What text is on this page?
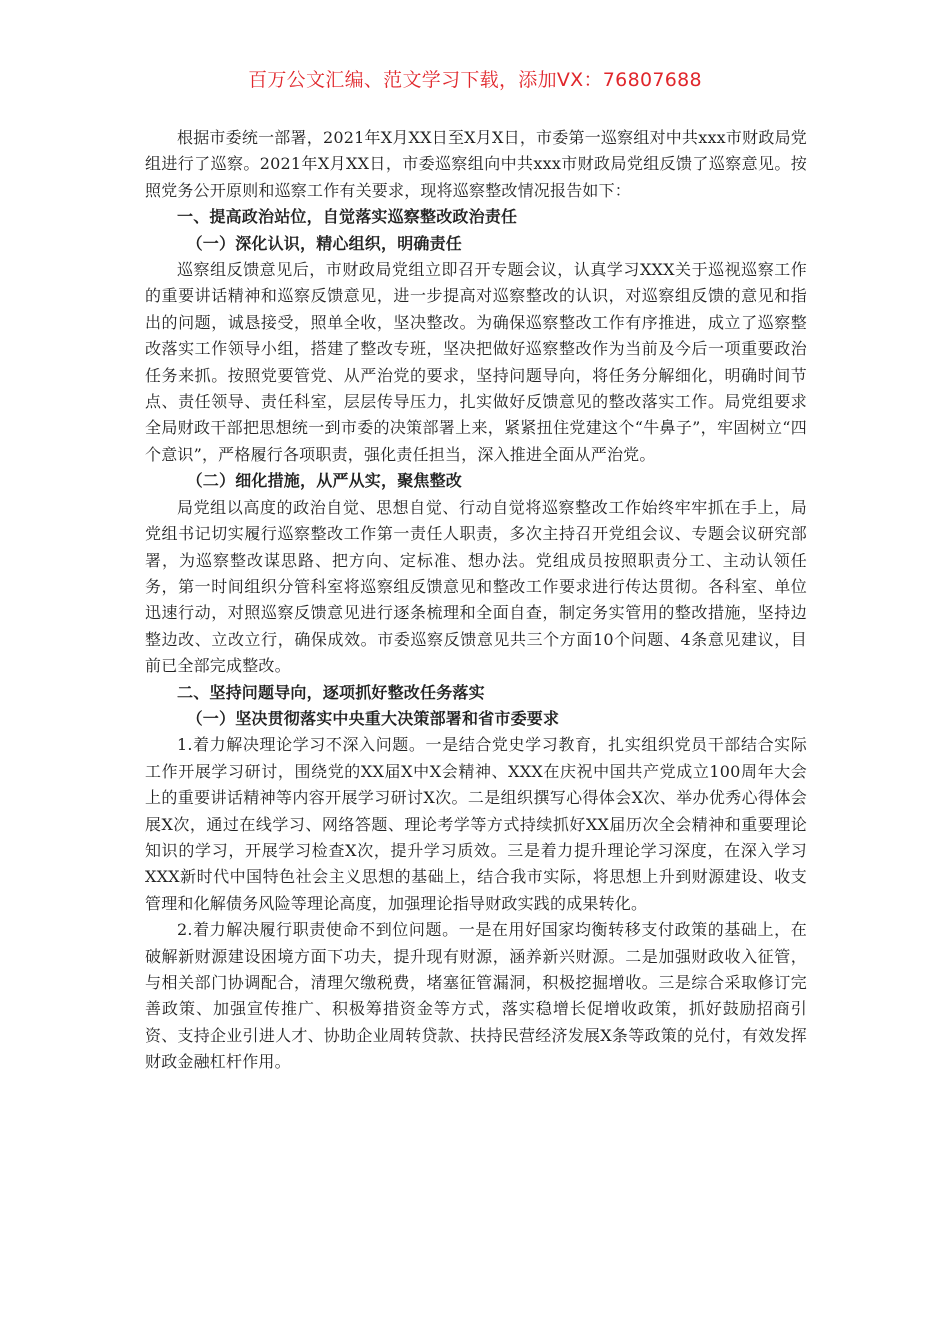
百万公文汇编、范文学习下载，添加VX：76807688

根据市委统一部署，2021年X月XX日至X月X日，市委第一巡察组对中共xxx市财政局党组进行了巡察。2021年X月XX日，市委巡察组向中共xxx市财政局党组反馈了巡察意见。按照党务公开原则和巡察工作有关要求，现将巡察整改情况报告如下：

一、提高政治站位，自觉落实巡察整改政治责任

（一）深化认识，精心组织，明确责任

巡察组反馈意见后，市财政局党组立即召开专题会议，认真学习XXX关于巡视巡察工作的重要讲话精神和巡察反馈意见，进一步提高对巡察整改的认识，对巡察组反馈的意见和指出的问题，诚恳接受，照单全收，坚决整改。为确保巡察整改工作有序推进，成立了巡察整改落实工作领导小组，搭建了整改专班，坚决把做好巡察整改作为当前及今后一项重要政治任务来抓。按照党要管党、从严治党的要求，坚持问题导向，将任务分解细化，明确时间节点、责任领导、责任科室，层层传导压力，扎实做好反馈意见的整改落实工作。局党组要求全局财政干部把思想统一到市委的决策部署上来，紧紧扭住党建这个“牛鼻子”，牢固树立“四个意识”，严格履行各项职责，强化责任担当，深入推进全面从严治党。

（二）细化措施，从严从实，聚焦整改

局党组以高度的政治自觉、思想自觉、行动自觉将巡察整改工作始终牢牢抓在手上，局党组书记切实履行巡察整改工作第一责任人职责，多次主持召开党组会议、专题会议研究部署，为巡察整改谋思路、把方向、定标准、想办法。党组成员按照职责分工、主动认领任务，第一时间组织分管科室将巡察组反馈意见和整改工作要求进行传达贯彻。各科室、单位迅速行动，对照巡察反馈意见进行逐条梳理和全面自查，制定务实管用的整改措施，坚持边整边改、立改立行，确保成效。市委巡察反馈意见共三个方面10个问题、4条意见建议，目前已全部完成整改。

二、坚持问题导向，逐项抓好整改任务落实

（一）坚决贯彻落实中央重大决策部署和省市委要求

1.着力解决理论学习不深入问题。一是结合党史学习教育，扎实组织党员干部结合实际工作开展学习研讨，围绕党的XX届X中X会精神、XXX在庆祝中国共产党成立100周年大会上的重要讲话精神等内容开展学习研讨X次。二是组织撰写心得体会X次、举办优秀心得体会展X次，通过在线学习、网络答题、理论考学等方式持续抓好XX届历次全会精神和重要理论知识的学习，开展学习检查X次，提升学习质效。三是着力提升理论学习深度，在深入学习XXX新时代中国特色社会主义思想的基础上，结合我市实际，将思想上升到财源建设、收支管理和化解债务风险等理论高度，加强理论指导财政实践的成果转化。

2.着力解决履行职责使命不到位问题。一是在用好国家均衡转移支付政策的基础上，在破解新财源建设困境方面下功夫，提升现有财源，涵养新兴财源。二是加强财政收入征管，与相关部门协调配合，清理欠缴税费，堵塞征管漏洞，积极挖掘增收。三是综合采取修订完善政策、加强宣传推广、积极筹措资金等方式，落实稳增长促增收政策，抓好鼓励招商引资、支持企业引进人才、协助企业周转贷款、扶持民营经济发展X条等政策的兑付，有效发挥财政金融杠杆作用。
